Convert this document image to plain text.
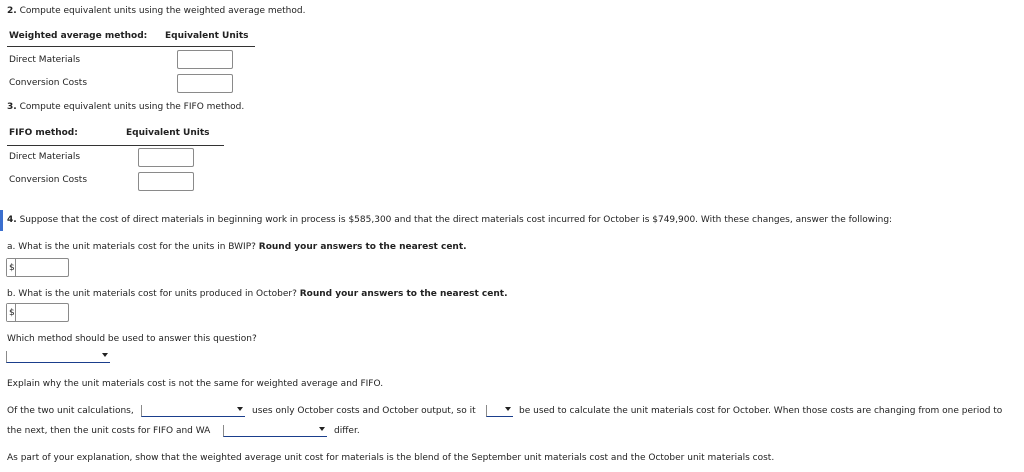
2. Compute equivalent units using the weighted average method.
Weighted average method: Equivalent Units
Direct Materials
Conversion Costs
3. Compute equivalent units using the FIFO method.
FIFO method:	Equivalent Units
Direct Materials
Conversion Costs
4. Suppose that the cost of direct materials in beginning work in process is $585,300 and that the direct materials cost incurred for October is $749,900. With these changes, answer the following:
a. What is the unit materials cost for the units in BWIP? Round your answers to the nearest cent.
$
b. What is the unit materials cost for units produced in October? Round your answers to the nearest cent.
$
Which method should be used to answer this question?
Explain why the unit materials cost is not the same for weighted average and FIFO.
Of the two unit calculations,	uses only October costs and October output, so it	be used to calculate the unit materials cost for October. When those costs are changing from one period to
the next, then the unit costs for FIFO and WA	differ.
As part of your explanation, show that the weighted average unit cost for materials is the blend of the September unit materials cost and the October unit materials cost.
